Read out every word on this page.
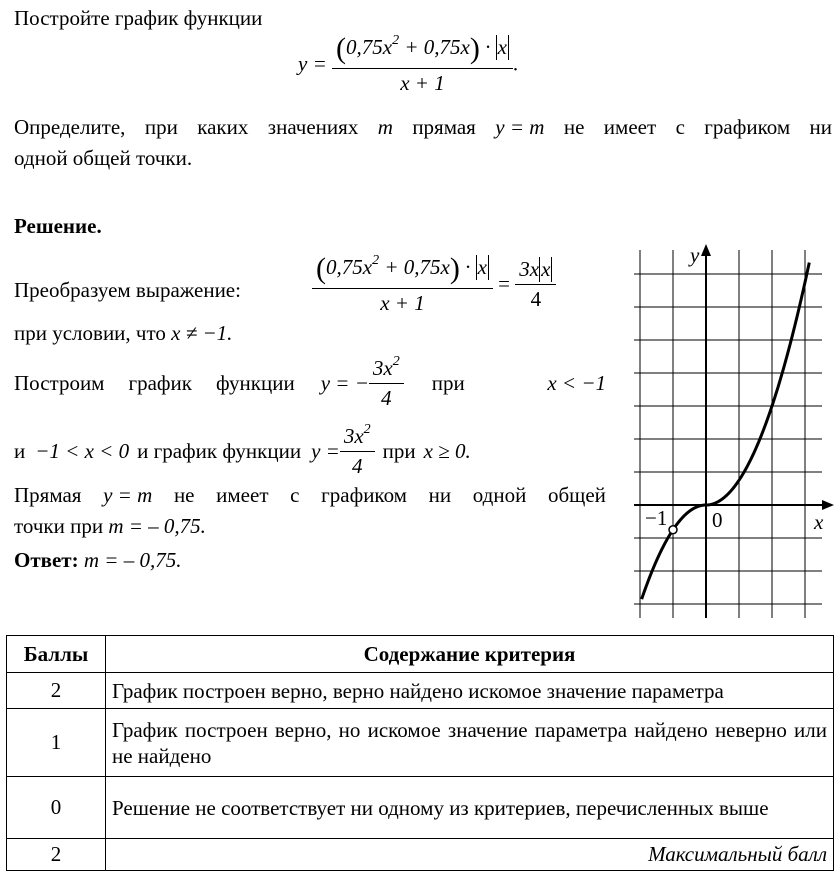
Постройте график функции
$y = \frac{(0,75x^2 + 0,75x) \cdot x}{x + 1}$ .
Определите, при каких значениях m прямая y = m не имеет с графиком ни
одной общей точки.
Решение.
Преобразуем выражение: $\frac{(0,75x^2 + 0,75x) \cdot x}{x + 1} = \frac{3xx}{4}$
при условии, что x ≠ −1.
Построим график функции y = − $\frac{3x^2}{4}$ при	x < −1
и −1 < x < 0 и график функции $y = \frac{3x^2}{4}$ при x ≥ 0.
Прямая y = m не имеет с графиком ни одной общей
точки при m = – 0,75.
Ответ: m = – 0,75.
y
x
0
−1
Баллы	Содержание критерия
2	График построен верно, верно найдено искомое значение параметра
1	График построен верно, но искомое значение параметра найдено неверно или не найдено
0	Решение не соответствует ни одному из критериев, перечисленных выше
2	Максимальный балл
